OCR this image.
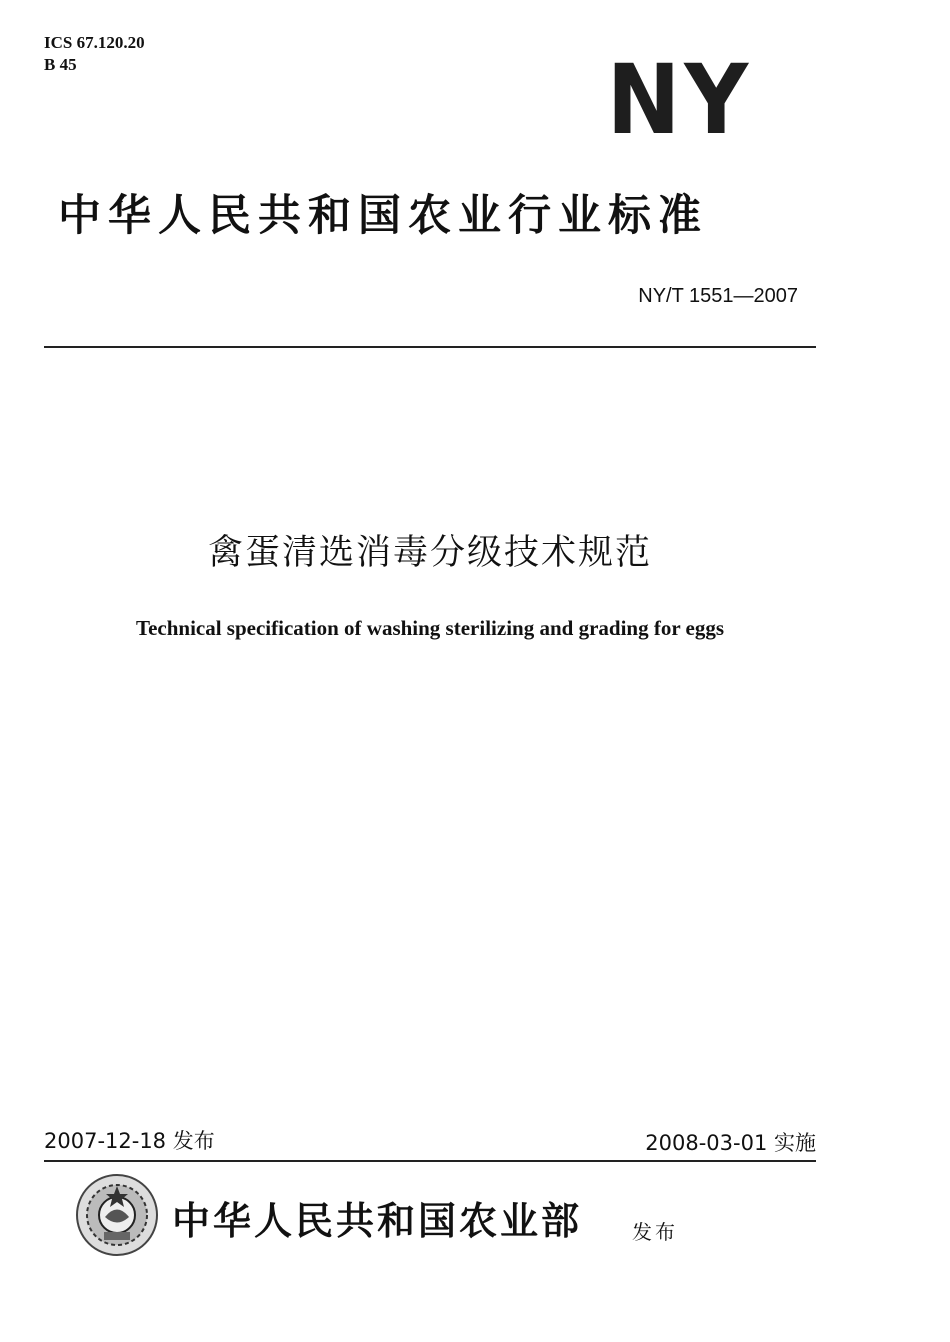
ICS 67.120.20
B 45	NY
中华人民共和国农业行业标准
NY/T 1551—2007
禽蛋清选消毒分级技术规范
Technical specification of washing sterilizing and grading for eggs
2007-12-18 发布	2008-03-01 实施
中华人民共和国农业部 发布
